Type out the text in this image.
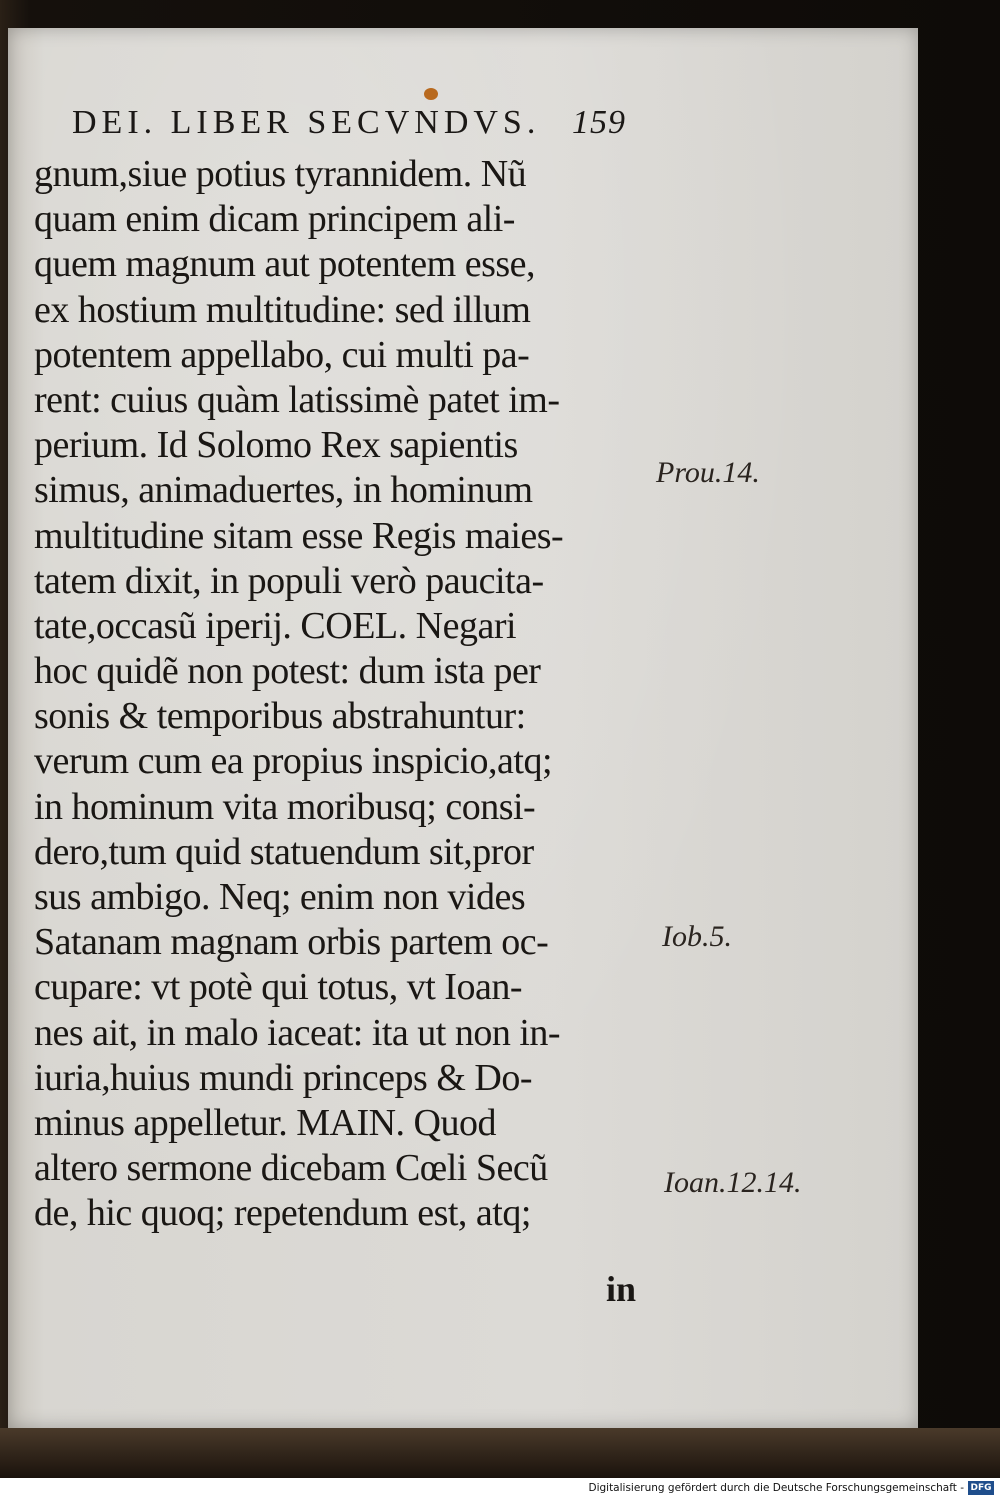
DEI. LIBER SECVNDVS. 159
gnum,siue potius tyrannidem. Nũ
quam enim dicam principem ali-
quem magnum aut potentem esse,
ex hostium multitudine: sed illum
potentem appellabo, cui multi pa-
rent: cuius quàm latissimè patet im-
perium. Id Solomo Rex sapientis
simus, animaduertes, in hominum
multitudine sitam esse Regis maies-
tatem dixit, in populi verò paucita-
tate,occasũ iperij. COEL. Negari
hoc quidẽ non potest: dum ista per
sonis & temporibus abstrahuntur:
verum cum ea propius inspicio,atq;
in hominum vita moribusq; consi-
dero,tum quid statuendum sit,pror
sus ambigo. Neq; enim non vides
Satanam magnam orbis partem oc-
cupare: vt potè qui totus, vt Ioan-
nes ait, in malo iaceat: ita ut non in-
iuria,huius mundi princeps & Do-
minus appelletur. MAIN. Quod
altero sermone dicebam Cœli Secũ
de, hic quoq; repetendum est, atq;
Prou.14.
Iob.5.
Ioan.12.14.
in
Digitalisierung gefördert durch die Deutsche Forschungsgemeinschaft - DFG
